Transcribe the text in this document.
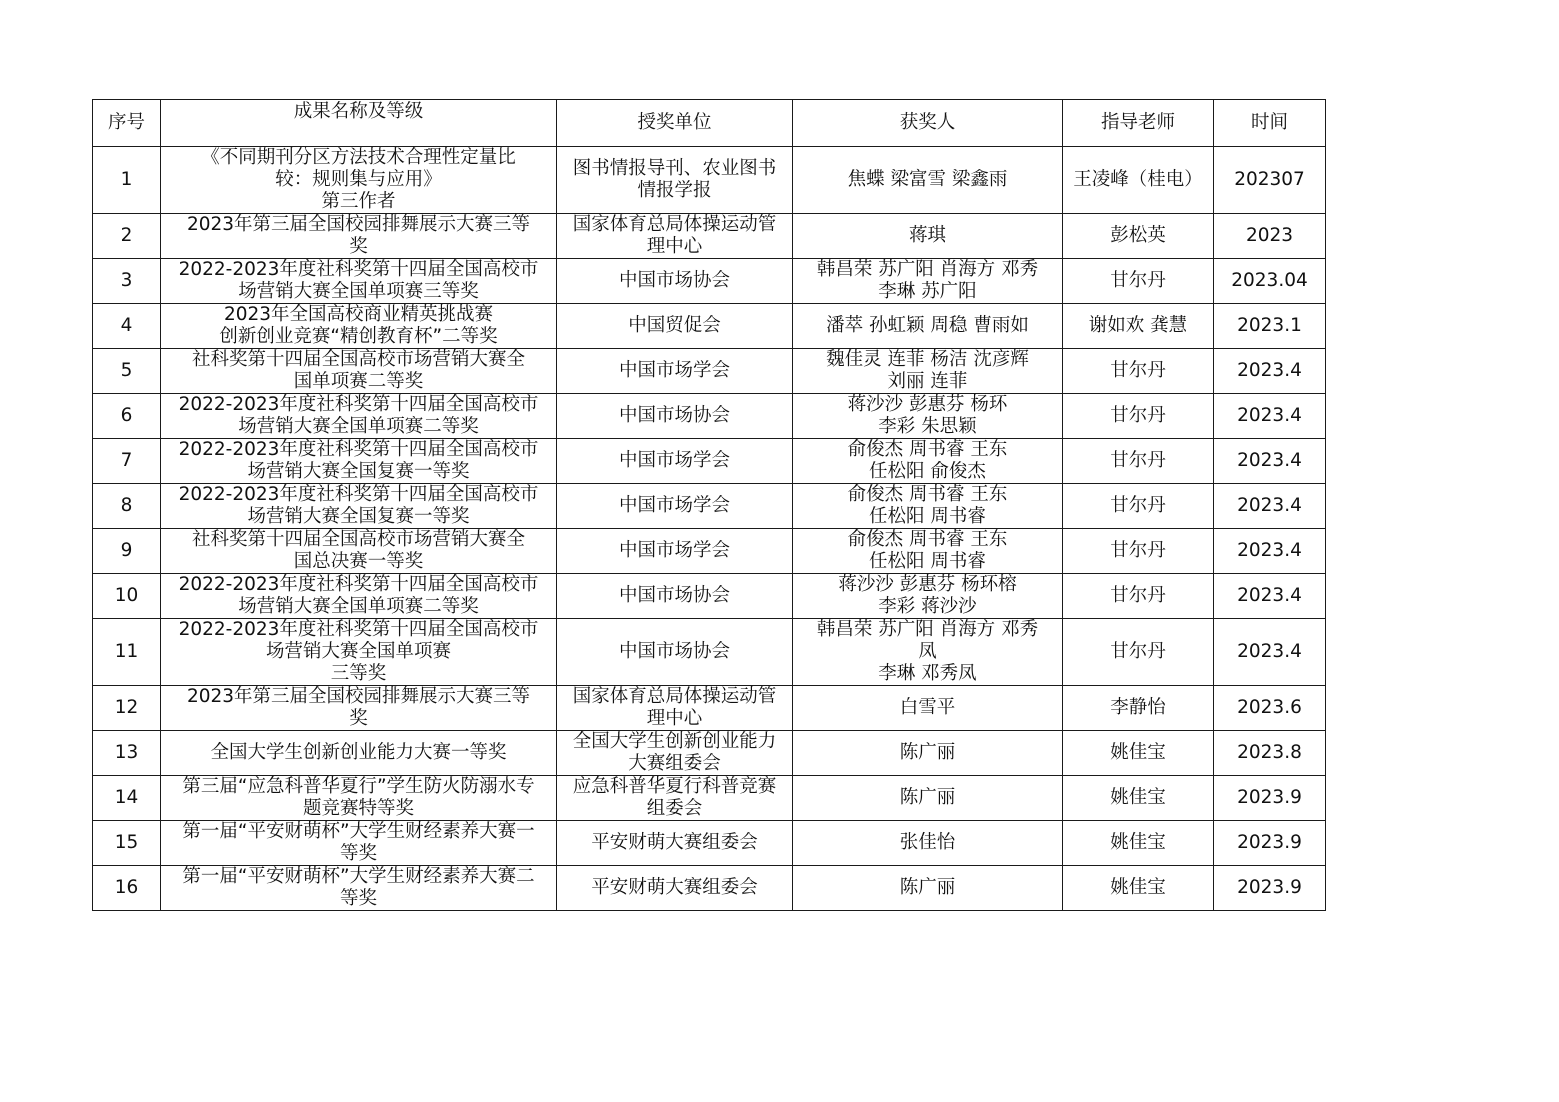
序号	成果名称及等级	授奖单位	获奖人	指导老师	时间
1	《不同期刊分区方法技术合理性定量比
较：规则集与应用》
第三作者	图书情报导刊、农业图书
情报学报	焦蝶 梁富雪 梁鑫雨	王凌峰（桂电）	202307
2	2023年第三届全国校园排舞展示大赛三等
奖	国家体育总局体操运动管
理中心	蒋琪	彭松英	2023
3	2022-2023年度社科奖第十四届全国高校市
场营销大赛全国单项赛三等奖	中国市场协会	韩昌荣 苏广阳 肖海方 邓秀
李琳 苏广阳	甘尔丹	2023.04
4	2023年全国高校商业精英挑战赛
创新创业竞赛“精创教育杯”二等奖	中国贸促会	潘萃 孙虹颖 周稳 曹雨如	谢如欢 龚慧	2023.1
5	社科奖第十四届全国高校市场营销大赛全
国单项赛二等奖	中国市场学会	魏佳灵 连菲 杨洁 沈彦辉
刘丽 连菲	甘尔丹	2023.4
6	2022-2023年度社科奖第十四届全国高校市
场营销大赛全国单项赛二等奖	中国市场协会	蒋沙沙 彭惠芬 杨环
李彩 朱思颖	甘尔丹	2023.4
7	2022-2023年度社科奖第十四届全国高校市
场营销大赛全国复赛一等奖	中国市场学会	俞俊杰 周书睿 王东
任松阳 俞俊杰	甘尔丹	2023.4
8	2022-2023年度社科奖第十四届全国高校市
场营销大赛全国复赛一等奖	中国市场学会	俞俊杰 周书睿 王东
任松阳 周书睿	甘尔丹	2023.4
9	社科奖第十四届全国高校市场营销大赛全
国总决赛一等奖	中国市场学会	俞俊杰 周书睿 王东
任松阳 周书睿	甘尔丹	2023.4
10	2022-2023年度社科奖第十四届全国高校市
场营销大赛全国单项赛二等奖	中国市场协会	蒋沙沙 彭惠芬 杨环榕
李彩 蒋沙沙	甘尔丹	2023.4
11	2022-2023年度社科奖第十四届全国高校市
场营销大赛全国单项赛
三等奖	中国市场协会	韩昌荣 苏广阳 肖海方 邓秀
凤
李琳 邓秀凤	甘尔丹	2023.4
12	2023年第三届全国校园排舞展示大赛三等
奖	国家体育总局体操运动管
理中心	白雪平	李静怡	2023.6
13	全国大学生创新创业能力大赛一等奖	全国大学生创新创业能力
大赛组委会	陈广丽	姚佳宝	2023.8
14	第三届“应急科普华夏行”学生防火防溺水专
题竞赛特等奖	应急科普华夏行科普竞赛
组委会	陈广丽	姚佳宝	2023.9
15	第一届“平安财萌杯”大学生财经素养大赛一
等奖	平安财萌大赛组委会	张佳怡	姚佳宝	2023.9
16	第一届“平安财萌杯”大学生财经素养大赛二
等奖	平安财萌大赛组委会	陈广丽	姚佳宝	2023.9
